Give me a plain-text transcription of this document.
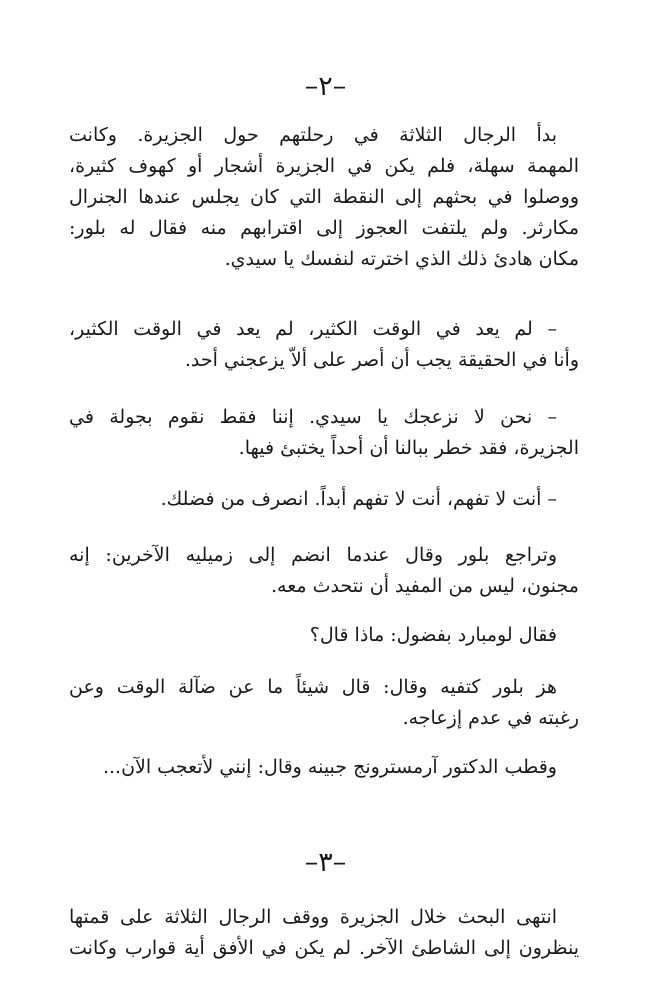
–٢–

بدأ الرجال الثلاثة في رحلتهم حول الجزيرة. وكانت
المهمة سهلة، فلم يكن في الجزيرة أشجار أو كهوف كثيرة،
ووصلوا في بحثهم إلى النقطة التي كان يجلس عندها الجنرال
مكارثر. ولم يلتفت العجوز إلى اقترابهم منه فقال له بلور:
مكان هادئ ذلك الذي اخترته لنفسك يا سيدي.

– لم يعد في الوقت الكثير، لم يعد في الوقت الكثير،
وأنا في الحقيقة يجب أن أصر على ألاّ يزعجني أحد.

– نحن لا نزعجك يا سيدي. إننا فقط نقوم بجولة في
الجزيرة، فقد خطر ببالنا أن أحداً يختبئ فيها.

– أنت لا تفهم، أنت لا تفهم أبداً. انصرف من فضلك.

وتراجع بلور وقال عندما انضم إلى زميليه الآخرين: إنه
مجنون، ليس من المفيد أن نتحدث معه.

فقال لومبارد بفضول: ماذا قال؟

هز بلور كتفيه وقال: قال شيئاً ما عن ضآلة الوقت وعن
رغبته في عدم إزعاجه.

وقطب الدكتور آرمسترونج جبينه وقال: إنني لأتعجب الآن...

–٣–

انتهى البحث خلال الجزيرة ووقف الرجال الثلاثة على قمتها
ينظرون إلى الشاطئ الآخر. لم يكن في الأفق أية قوارب وكانت
